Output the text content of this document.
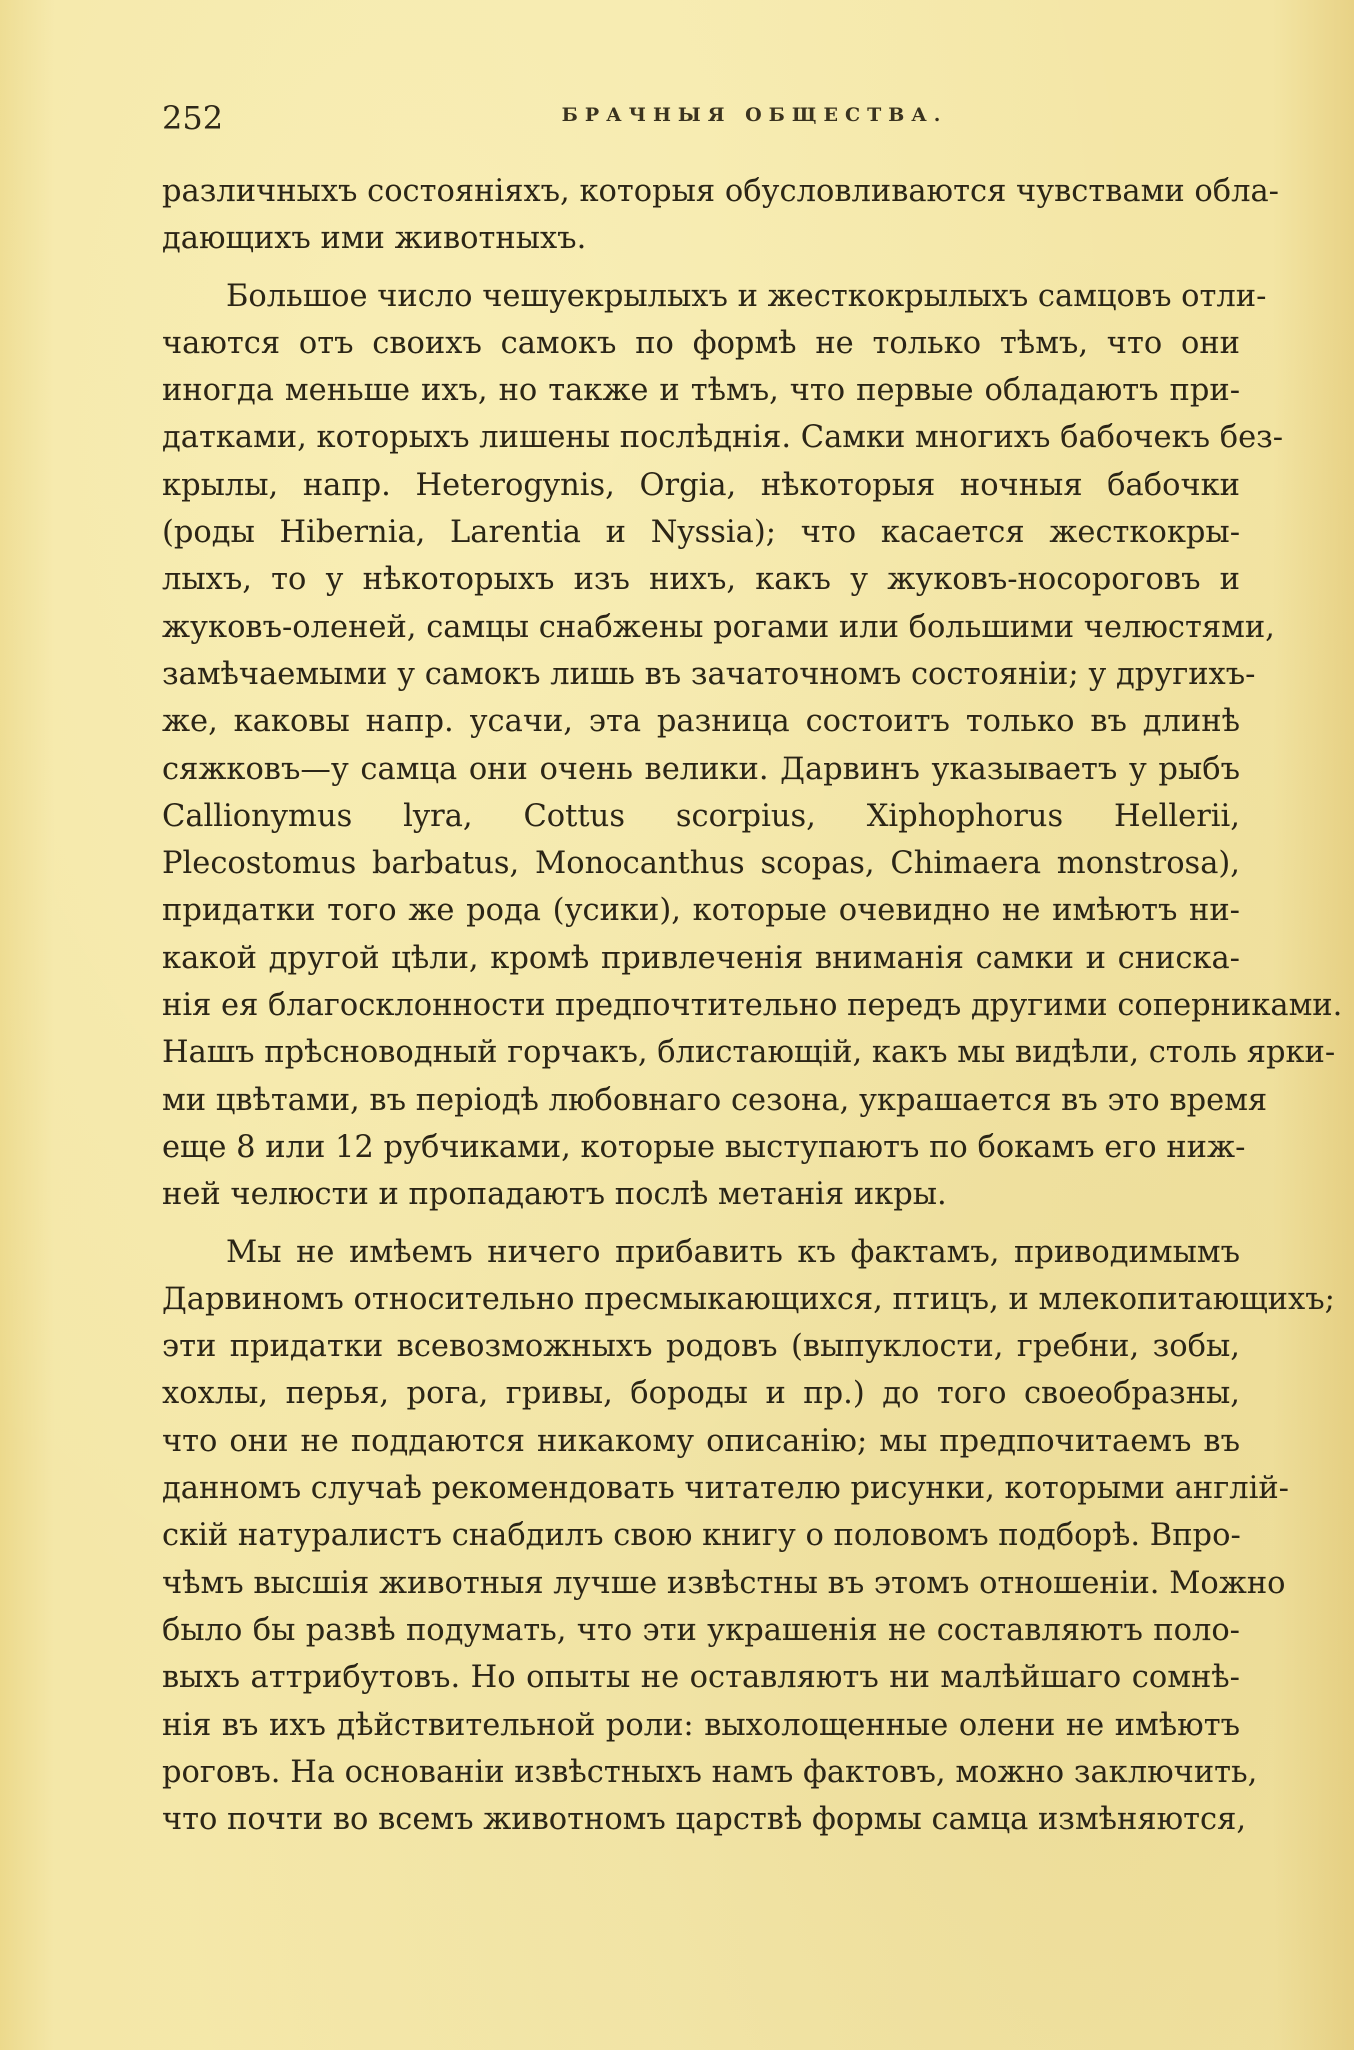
252	БРАЧНЫЯ ОБЩЕСТВА.
различныхъ состояніяхъ, которыя обусловливаются чувствами обла-
дающихъ ими животныхъ.
Большое число чешуекрылыхъ и жесткокрылыхъ самцовъ отли-
чаются отъ своихъ самокъ по формѣ не только тѣмъ, что они
иногда меньше ихъ, но также и тѣмъ, что первые обладаютъ при-
датками, которыхъ лишены послѣднія. Самки многихъ бабочекъ без-
крылы, напр. Heterogynis, Orgia, нѣкоторыя ночныя бабочки
(роды Hibernia, Larentia и Nyssia); что касается жесткокры-
лыхъ, то у нѣкоторыхъ изъ нихъ, какъ у жуковъ-носороговъ и
жуковъ-оленей, самцы снабжены рогами или большими челюстями,
замѣчаемыми у самокъ лишь въ зачаточномъ состояніи; у другихъ-
же, каковы напр. усачи, эта разница состоитъ только въ длинѣ
сяжковъ—у самца они очень велики. Дарвинъ указываетъ у рыбъ
Callionymus lyra, Cottus scorpius, Xiphophorus Hellerii,
Plecostomus barbatus, Monocanthus scopas, Chimaera monstrosa),
придатки того же рода (усики), которые очевидно не имѣютъ ни-
какой другой цѣли, кромѣ привлеченія вниманія самки и сниска-
нія ея благосклонности предпочтительно передъ другими соперниками.
Нашъ прѣсноводный горчакъ, блистающій, какъ мы видѣли, столь ярки-
ми цвѣтами, въ періодѣ любовнаго сезона, украшается въ это время
еще 8 или 12 рубчиками, которые выступаютъ по бокамъ его ниж-
ней челюсти и пропадаютъ послѣ метанія икры.
Мы не имѣемъ ничего прибавить къ фактамъ, приводимымъ
Дарвиномъ относительно пресмыкающихся, птицъ, и млекопитающихъ;
эти придатки всевозможныхъ родовъ (выпуклости, гребни, зобы,
хохлы, перья, рога, гривы, бороды и пр.) до того своеобразны,
что они не поддаются никакому описанію; мы предпочитаемъ въ
данномъ случаѣ рекомендовать читателю рисунки, которыми англій-
скій натуралистъ снабдилъ свою книгу о половомъ подборѣ. Впро-
чѣмъ высшія животныя лучше извѣстны въ этомъ отношеніи. Можно
было бы развѣ подумать, что эти украшенія не составляютъ поло-
выхъ аттрибутовъ. Но опыты не оставляютъ ни малѣйшаго сомнѣ-
нія въ ихъ дѣйствительной роли: выхолощенные олени не имѣютъ
роговъ. На основаніи извѣстныхъ намъ фактовъ, можно заключить,
что почти во всемъ животномъ царствѣ формы самца измѣняются,
